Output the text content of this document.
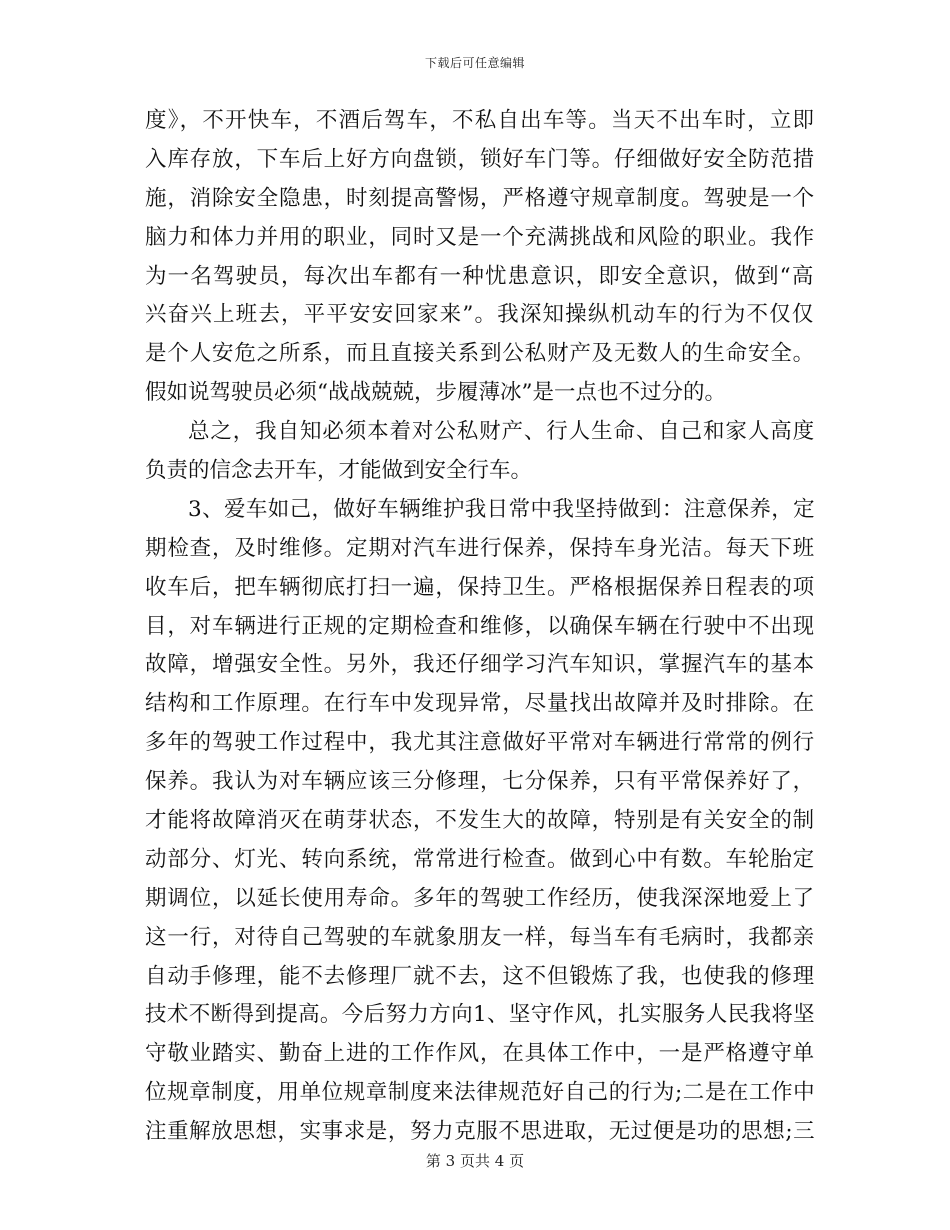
下载后可任意编辑
度》，不开快车，不酒后驾车，不私自出车等。当天不出车时，立即
入库存放，下车后上好方向盘锁，锁好车门等。仔细做好安全防范措
施，消除安全隐患，时刻提高警惕，严格遵守规章制度。驾驶是一个
脑力和体力并用的职业，同时又是一个充满挑战和风险的职业。我作
为一名驾驶员，每次出车都有一种忧患意识，即安全意识，做到“高
兴奋兴上班去，平平安安回家来”。我深知操纵机动车的行为不仅仅
是个人安危之所系，而且直接关系到公私财产及无数人的生命安全。
假如说驾驶员必须“战战兢兢，步履薄冰”是一点也不过分的。
总之，我自知必须本着对公私财产、行人生命、自己和家人高度
负责的信念去开车，才能做到安全行车。
3、爱车如己，做好车辆维护我日常中我坚持做到：注意保养，定
期检查，及时维修。定期对汽车进行保养，保持车身光洁。每天下班
收车后，把车辆彻底打扫一遍，保持卫生。严格根据保养日程表的项
目，对车辆进行正规的定期检查和维修，以确保车辆在行驶中不出现
故障，增强安全性。另外，我还仔细学习汽车知识，掌握汽车的基本
结构和工作原理。在行车中发现异常，尽量找出故障并及时排除。在
多年的驾驶工作过程中，我尤其注意做好平常对车辆进行常常的例行
保养。我认为对车辆应该三分修理，七分保养，只有平常保养好了，
才能将故障消灭在萌芽状态，不发生大的故障，特别是有关安全的制
动部分、灯光、转向系统，常常进行检查。做到心中有数。车轮胎定
期调位，以延长使用寿命。多年的驾驶工作经历，使我深深地爱上了
这一行，对待自己驾驶的车就象朋友一样，每当车有毛病时，我都亲
自动手修理，能不去修理厂就不去，这不但锻炼了我，也使我的修理
技术不断得到提高。今后努力方向1、坚守作风，扎实服务人民我将坚
守敬业踏实、勤奋上进的工作作风，在具体工作中，一是严格遵守单
位规章制度，用单位规章制度来法律规范好自己的行为;二是在工作中
注重解放思想，实事求是，努力克服不思进取，无过便是功的思想;三
第 3 页共 4 页
